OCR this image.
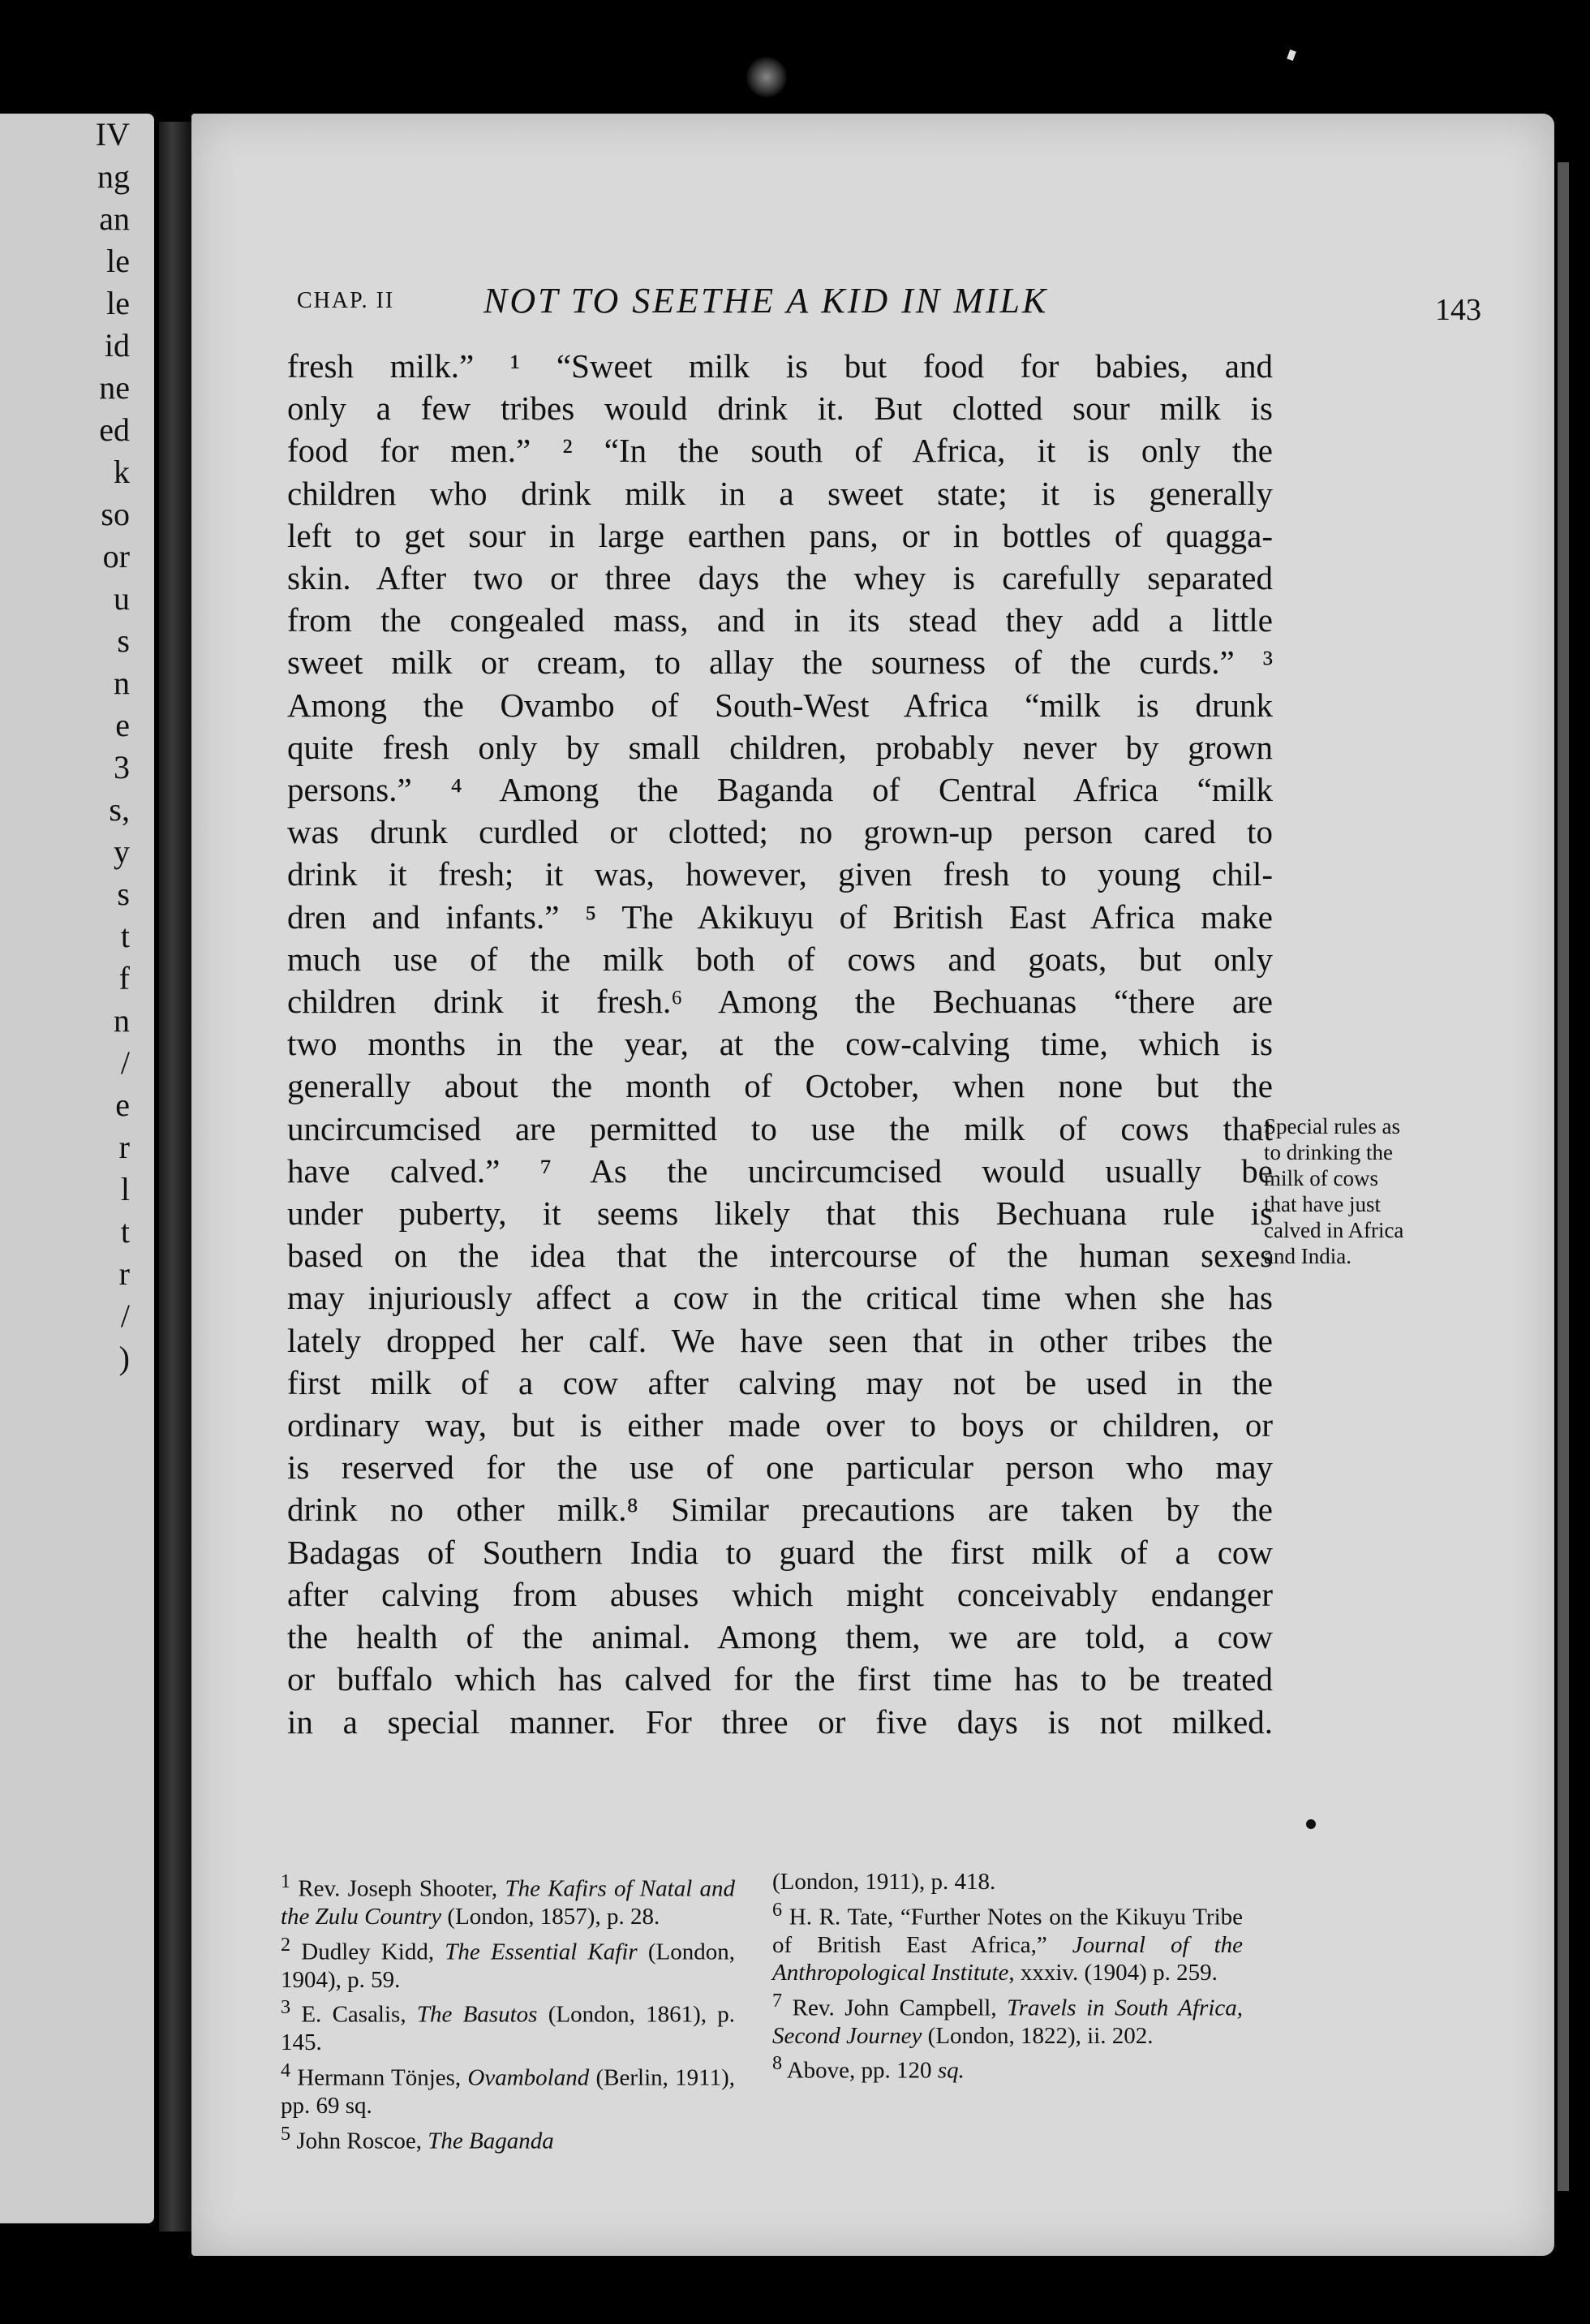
IV
ng
an
le
le
id
ne
ed
k
so
or
u
s
n
e
3
s,
y
s
t
f
n
/
e
r
l
t
r
/
)
CHAP. II NOT TO SEETHE A KID IN MILK	143
fresh milk.” ¹ “Sweet milk is but food for babies, and
only a few tribes would drink it. But clotted sour milk is
food for men.” ² “In the south of Africa, it is only the
children who drink milk in a sweet state; it is generally
left to get sour in large earthen pans, or in bottles of quagga-
skin. After two or three days the whey is carefully separated
from the congealed mass, and in its stead they add a little
sweet milk or cream, to allay the sourness of the curds.” ³
Among the Ovambo of South-West Africa “milk is drunk
quite fresh only by small children, probably never by grown
persons.” ⁴ Among the Baganda of Central Africa “milk
was drunk curdled or clotted; no grown-up person cared to
drink it fresh; it was, however, given fresh to young chil-
dren and infants.” ⁵ The Akikuyu of British East Africa make
much use of the milk both of cows and goats, but only
children drink it fresh.⁶ Among the Bechuanas “there are
two months in the year, at the cow-calving time, which is
generally about the month of October, when none but the
uncircumcised are permitted to use the milk of cows that
have calved.” ⁷ As the uncircumcised would usually be
under puberty, it seems likely that this Bechuana rule is
based on the idea that the intercourse of the human sexes
may injuriously affect a cow in the critical time when she has
lately dropped her calf. We have seen that in other tribes the
first milk of a cow after calving may not be used in the
ordinary way, but is either made over to boys or children, or
is reserved for the use of one particular person who may
drink no other milk.⁸ Similar precautions are taken by the
Badagas of Southern India to guard the first milk of a cow
after calving from abuses which might conceivably endanger
the health of the animal. Among them, we are told, a cow
or buffalo which has calved for the first time has to be treated
in a special manner. For three or five days is not milked.
Special rules as to drinking the milk of cows that have just calved in Africa and India.

$^1$ Rev. Joseph Shooter, The Kafirs of Natal and the Zulu Country (London, 1857), p. 28.

$^2$ Dudley Kidd, The Essential Kafir (London, 1904), p. 59.

$^3$ E. Casalis, The Basutos (London, 1861), p. 145.

$^4$ Hermann Tönjes, Ovamboland (Berlin, 1911), pp. 69 sq.

$^5$ John Roscoe, The Baganda

(London, 1911), p. 418.

$^6$ H. R. Tate, “Further Notes on the Kikuyu Tribe of British East Africa,” Journal of the Anthropological Institute, xxxiv. (1904) p. 259.

$^7$ Rev. John Campbell, Travels in South Africa, Second Journey (London, 1822), ii. 202.

$^8$ Above, pp. 120 sq.
